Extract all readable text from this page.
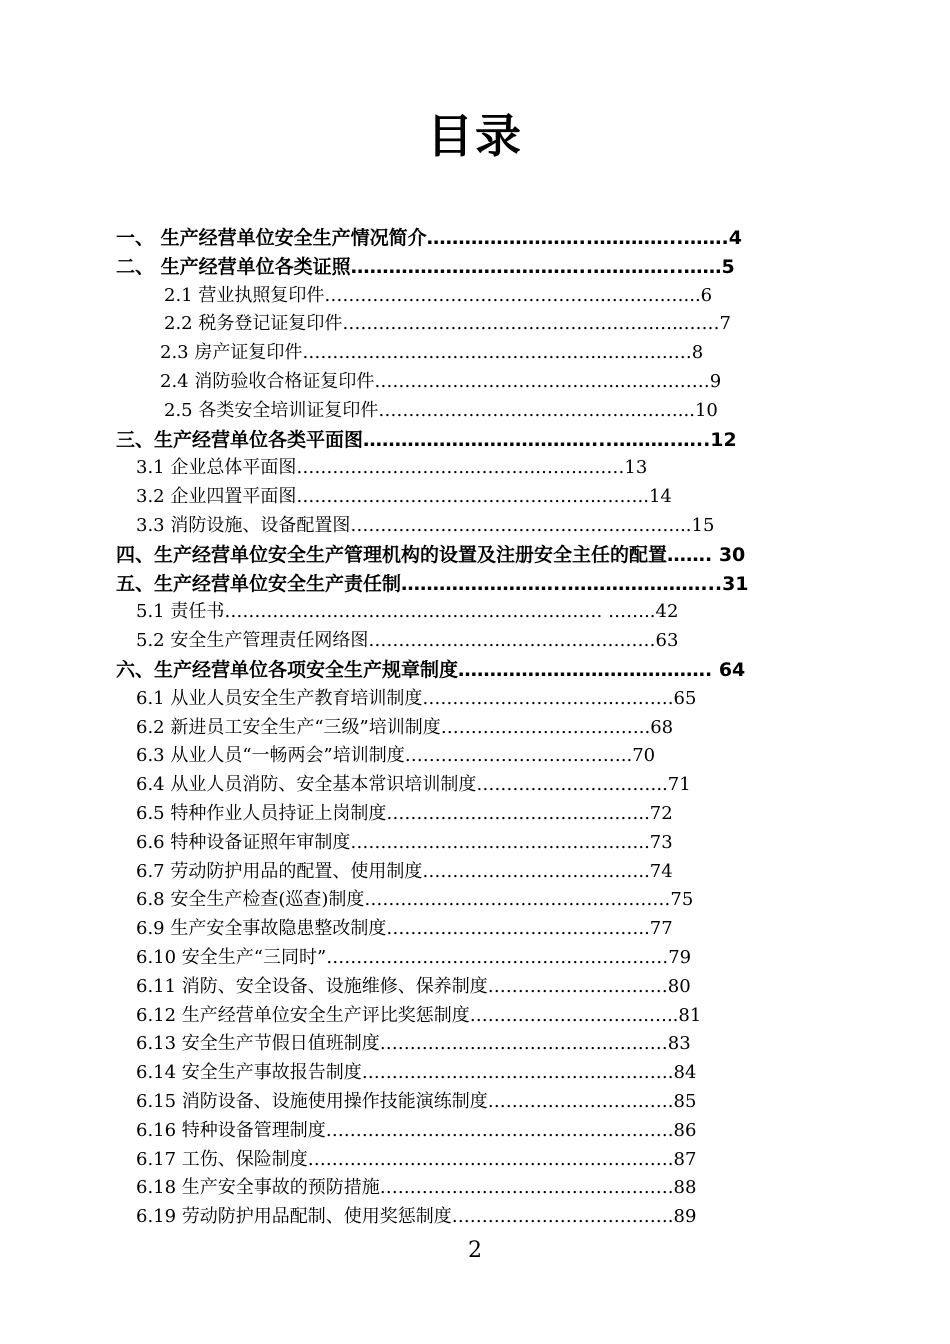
目录
一、 生产经营单位安全生产情况简介……………………..…………..…….4
二、 生产经营单位各类证照………………………………..…………..……5
2.1 营业执照复印件………………………………………..……….…...6
2.2 税务登记证复印件…………………………………………….…..……7
2.3 房产证复印件…………………………………………..……………8
2.4 消防验收合格证复印件…………………………………..……………9
2.5 各类安全培训证复印件……………………………………..……...10
三、生产经营单位各类平面图………………………………...……….…..12
3.1 企业总体平面图………………………...………..……..……13
3.2 企业四置平面图…………………………………….……..……..14
3.3 消防设施、设备配置图………………………………………………...15
四、生产经营单位安全生产管理机构的设置及注册安全主任的配置……. 30
五、生产经营单位安全生产责任制……………………..…………………...31
5.1 责任书……………………………………………………… ……..42
5.2 安全生产管理责任网络图…………………...……………………63
六、生产经营单位各项安全生产规章制度…………………………………. 64
6.1 从业人员安全生产教育培训制度…………………………..……….65
6.2 新进员工安全生产“三级”培训制度……………………………..68
6.3 从业人员“一畅两会”培训制度………………………………..70
6.4 从业人员消防、安全基本常识培训制度…………………………..71
6.5 特种作业人员持证上岗制度……………………………………..72
6.6 特种设备证照年审制度…………………………………………..73
6.7 劳动防护用品的配置、使用制度………………………………..74
6.8 安全生产检查(巡查)制度……………………………………………75
6.9 生产安全事故隐患整改制度……………………………………..77
6.10 安全生产“三同时”…………………………………………………79
6.11 消防、安全设备、设施维修、保养制度…………………………80
6.12 生产经营单位安全生产评比奖惩制度………………………...…..81
6.13 安全生产节假日值班制度…………………………………………83
6.14 安全生产事故报告制度…………………………………………….84
6.15 消防设备、设施使用操作技能演练制度………………………….85
6.16 特种设备管理制度………………………………………………….86
6.17 工伤、保险制度…………………………………………………….87
6.18 生产安全事故的预防措施………………………………………….88
6.19 劳动防护用品配制、使用奖惩制度……………………………….89
2
